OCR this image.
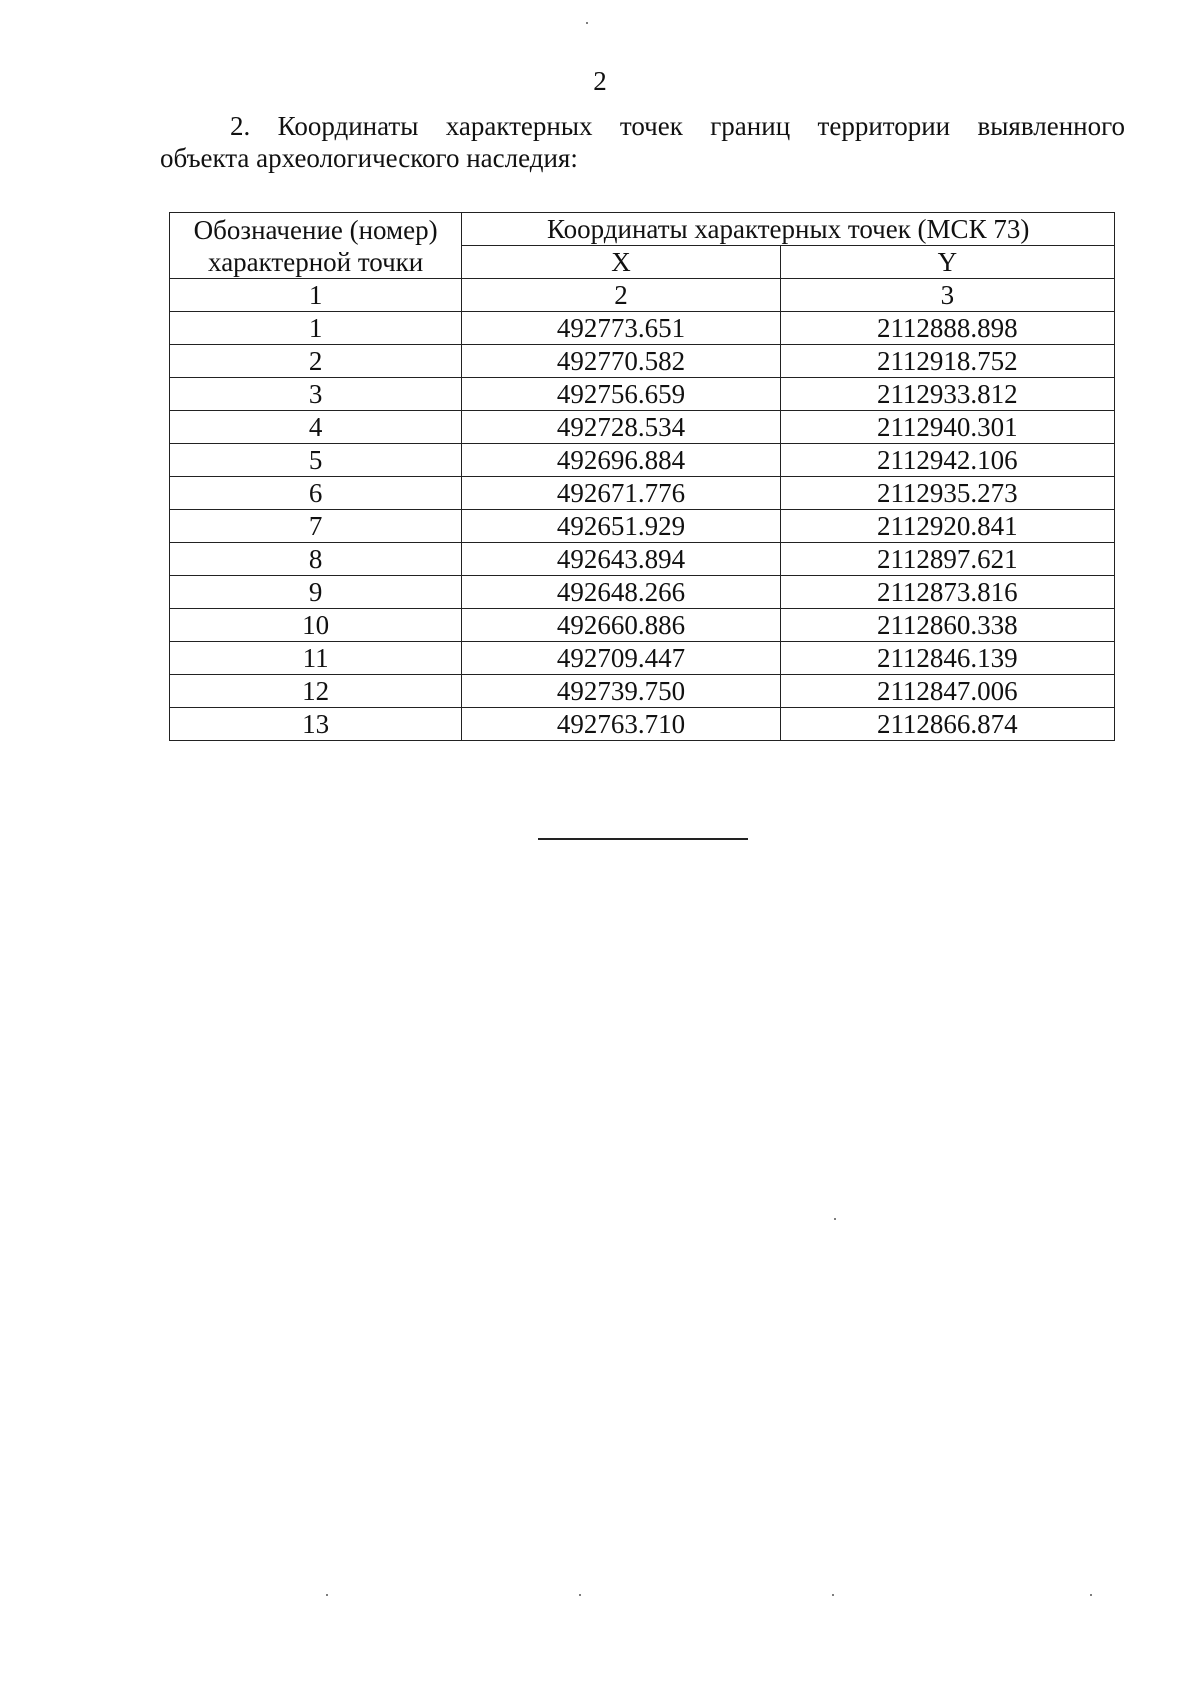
2
2. Координаты характерных точек границ территории выявленного
объекта археологического наследия:
Обозначение (номер) характерной точки	Координаты характерных точек (МСК 73)	
	X	Y
1	2	3
1	492773.651	2112888.898
2	492770.582	2112918.752
3	492756.659	2112933.812
4	492728.534	2112940.301
5	492696.884	2112942.106
6	492671.776	2112935.273
7	492651.929	2112920.841
8	492643.894	2112897.621
9	492648.266	2112873.816
10	492660.886	2112860.338
11	492709.447	2112846.139
12	492739.750	2112847.006
13	492763.710	2112866.874
